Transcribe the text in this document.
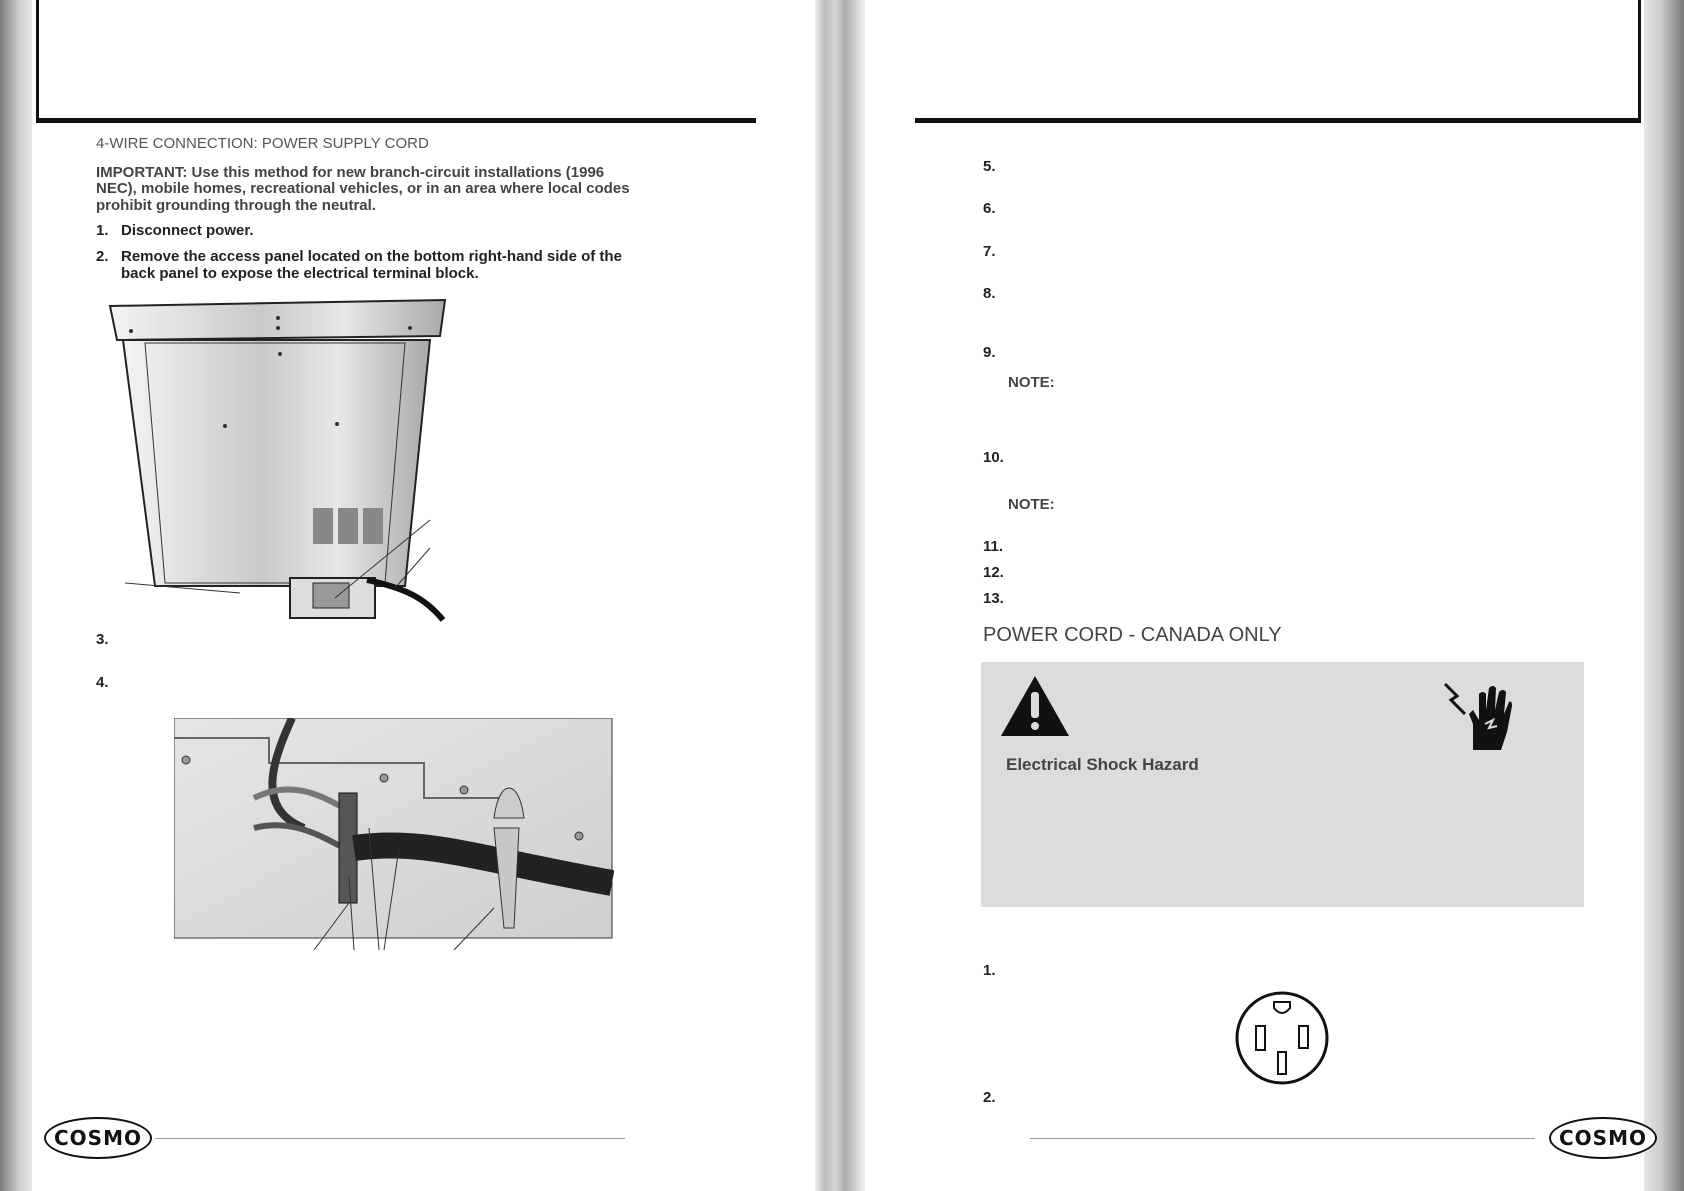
4-WIRE CONNECTION: POWER SUPPLY CORD
IMPORTANT: Use this method for new branch-circuit installations (1996
NEC), mobile homes, recreational vehicles, or in an area where local codes
prohibit grounding through the neutral.
1. Disconnect power.
2. Remove the access panel located on the bottom right-hand side of the
back panel to expose the electrical terminal block.
3.
4.
5.
6.
7.
8.
9.
NOTE:
10.
NOTE:
11.
12.
13.
POWER CORD - CANADA ONLY
Electrical Shock Hazard
1.
2.
COSMO	COSMO
